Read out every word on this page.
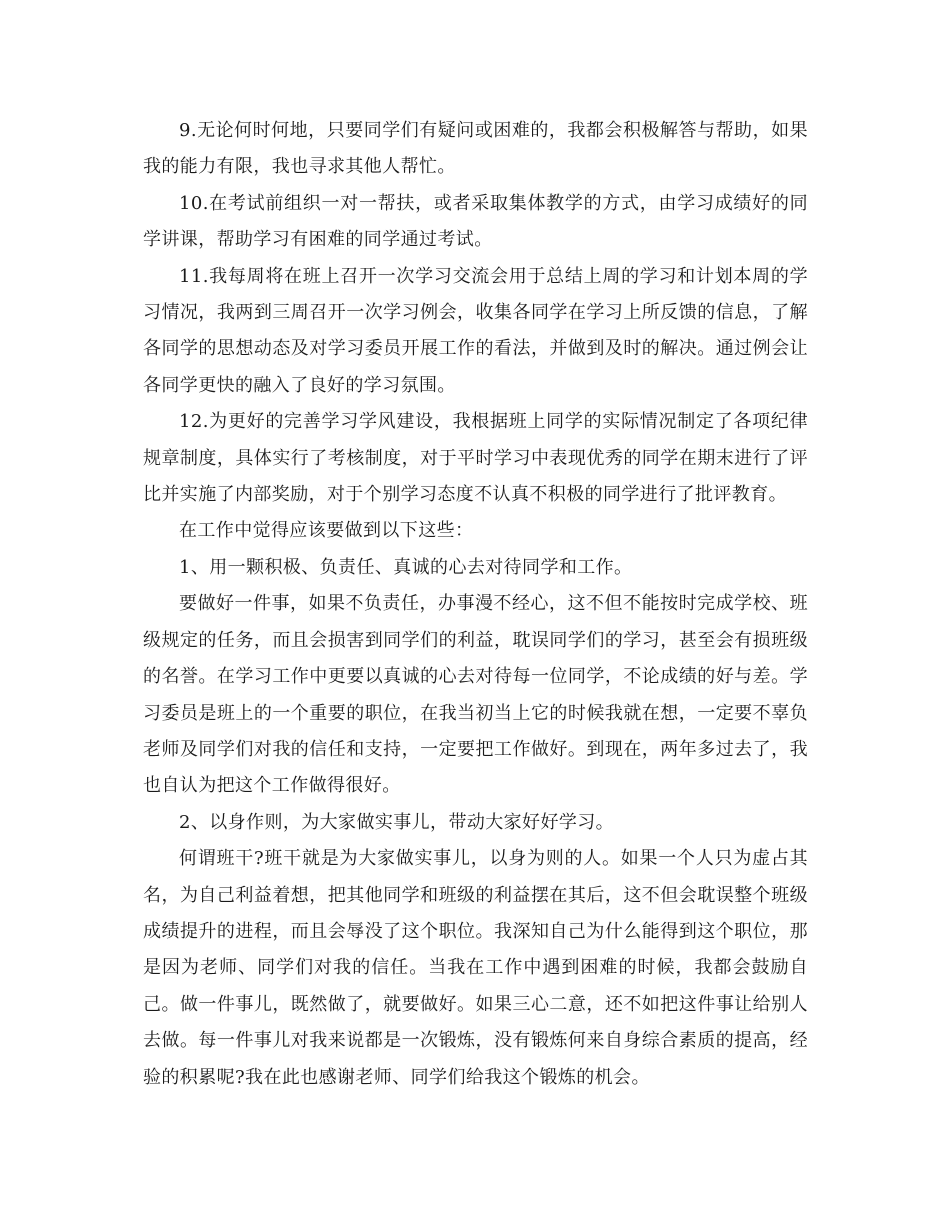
9.无论何时何地，只要同学们有疑问或困难的，我都会积极解答与帮助，如果我的能力有限，我也寻求其他人帮忙。

10.在考试前组织一对一帮扶，或者采取集体教学的方式，由学习成绩好的同学讲课，帮助学习有困难的同学通过考试。

11.我每周将在班上召开一次学习交流会用于总结上周的学习和计划本周的学习情况，我两到三周召开一次学习例会，收集各同学在学习上所反馈的信息，了解各同学的思想动态及对学习委员开展工作的看法，并做到及时的解决。通过例会让各同学更快的融入了良好的学习氛围。

12.为更好的完善学习学风建设，我根据班上同学的实际情况制定了各项纪律规章制度，具体实行了考核制度，对于平时学习中表现优秀的同学在期末进行了评比并实施了内部奖励，对于个别学习态度不认真不积极的同学进行了批评教育。

在工作中觉得应该要做到以下这些：

1、用一颗积极、负责任、真诚的心去对待同学和工作。

要做好一件事，如果不负责任，办事漫不经心，这不但不能按时完成学校、班级规定的任务，而且会损害到同学们的利益，耽误同学们的学习，甚至会有损班级的名誉。在学习工作中更要以真诚的心去对待每一位同学，不论成绩的好与差。学习委员是班上的一个重要的职位，在我当初当上它的时候我就在想，一定要不辜负老师及同学们对我的信任和支持，一定要把工作做好。到现在，两年多过去了，我也自认为把这个工作做得很好。

2、以身作则，为大家做实事儿，带动大家好好学习。

何谓班干?班干就是为大家做实事儿，以身为则的人。如果一个人只为虚占其名，为自己利益着想，把其他同学和班级的利益摆在其后，这不但会耽误整个班级成绩提升的进程，而且会辱没了这个职位。我深知自己为什么能得到这个职位，那是因为老师、同学们对我的信任。当我在工作中遇到困难的时候，我都会鼓励自己。做一件事儿，既然做了，就要做好。如果三心二意，还不如把这件事让给别人去做。每一件事儿对我来说都是一次锻炼，没有锻炼何来自身综合素质的提高，经验的积累呢?我在此也感谢老师、同学们给我这个锻炼的机会。
